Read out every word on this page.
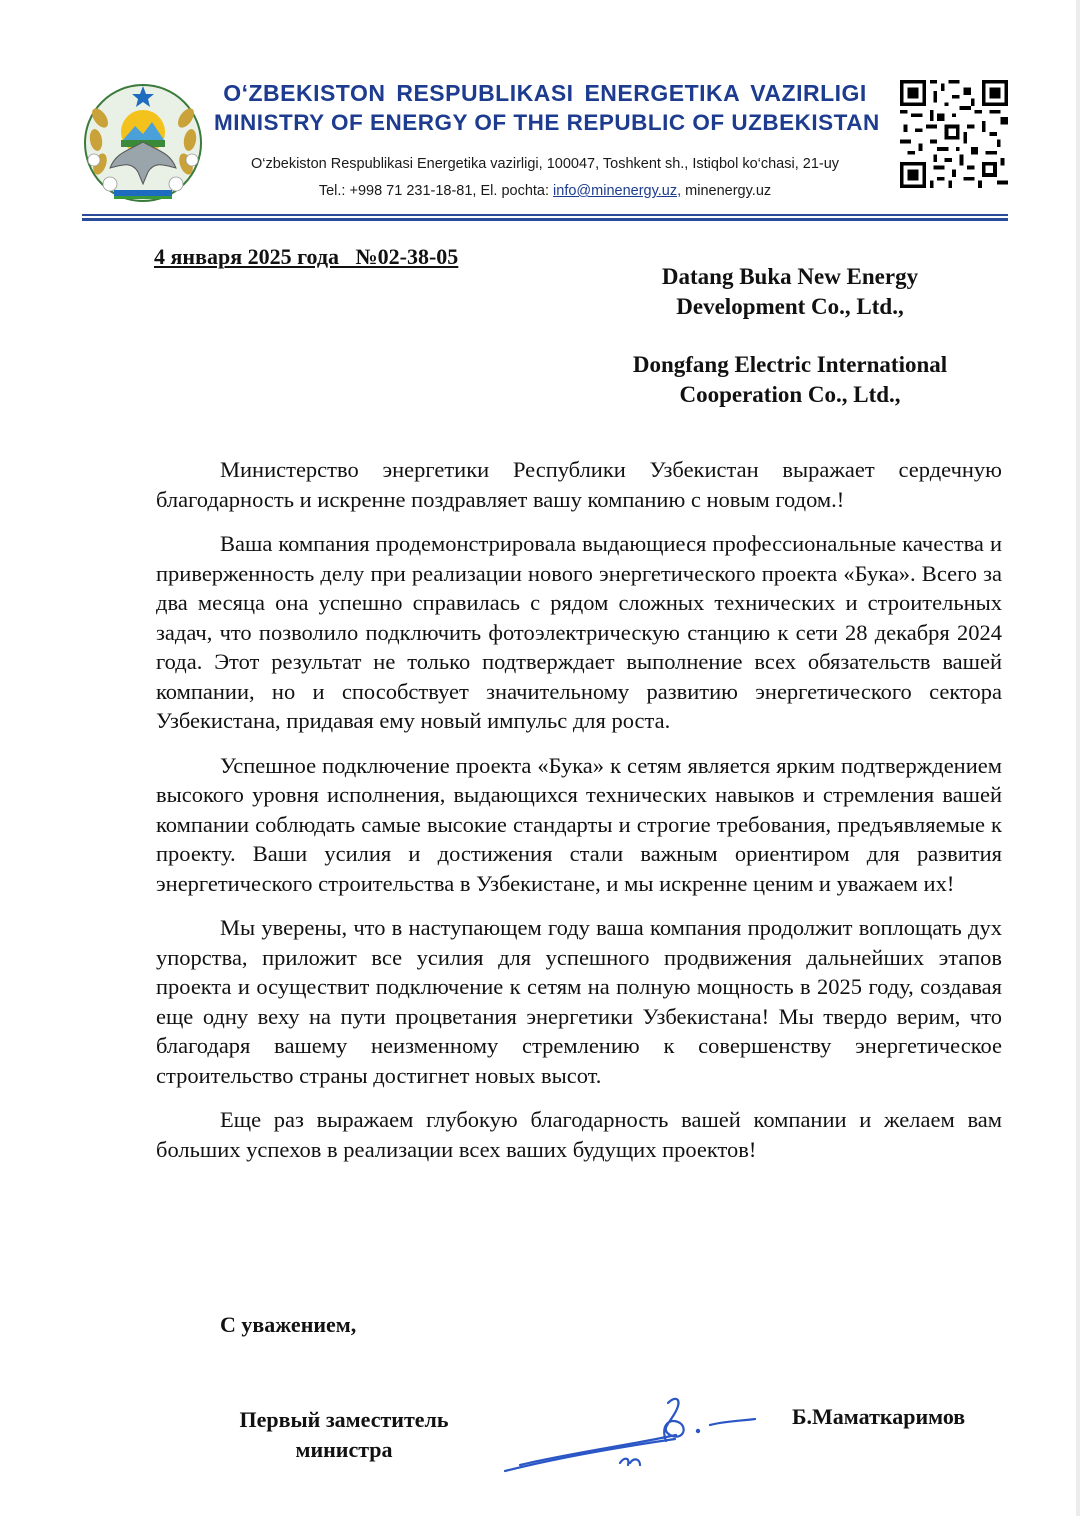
O‘ZBEKISTON RESPUBLIKASI ENERGETIKA VAZIRLIGI
MINISTRY OF ENERGY OF THE REPUBLIC OF UZBEKISTAN
O‘zbekiston Respublikasi Energetika vazirligi, 100047, Toshkent sh., Istiqbol ko‘chasi, 21-uy
Tel.: +998 71 231-18-81, El. pochta: info@minenergy.uz, minenergy.uz
4 января 2025 года №02-38-05
Datang Buka New Energy
Development Co., Ltd.,
Dongfang Electric International
Cooperation Co., Ltd.,

Министерство энергетики Республики Узбекистан выражает сердечную благодарность и искренне поздравляет вашу компанию с новым годом.!

Ваша компания продемонстрировала выдающиеся профессиональные качества и приверженность делу при реализации нового энергетического проекта «Бука». Всего за два месяца она успешно справилась с рядом сложных технических и строительных задач, что позволило подключить фотоэлектрическую станцию к сети 28 декабря 2024 года. Этот результат не только подтверждает выполнение всех обязательств вашей компании, но и способствует значительному развитию энергетического сектора Узбекистана, придавая ему новый импульс для роста.

Успешное подключение проекта «Бука» к сетям является ярким подтверждением высокого уровня исполнения, выдающихся технических навыков и стремления вашей компании соблюдать самые высокие стандарты и строгие требования, предъявляемые к проекту. Ваши усилия и достижения стали важным ориентиром для развития энергетического строительства в Узбекистане, и мы искренне ценим и уважаем их!

Мы уверены, что в наступающем году ваша компания продолжит воплощать дух упорства, приложит все усилия для успешного продвижения дальнейших этапов проекта и осуществит подключение к сетям на полную мощность в 2025 году, создавая еще одну веху на пути процветания энергетики Узбекистана! Мы твердо верим, что благодаря вашему неизменному стремлению к совершенству энергетическое строительство страны достигнет новых высот.

Еще раз выражаем глубокую благодарность вашей компании и желаем вам больших успехов в реализации всех ваших будущих проектов!

С уважением,
Первый заместитель
министра
Б.Маматкаримов
